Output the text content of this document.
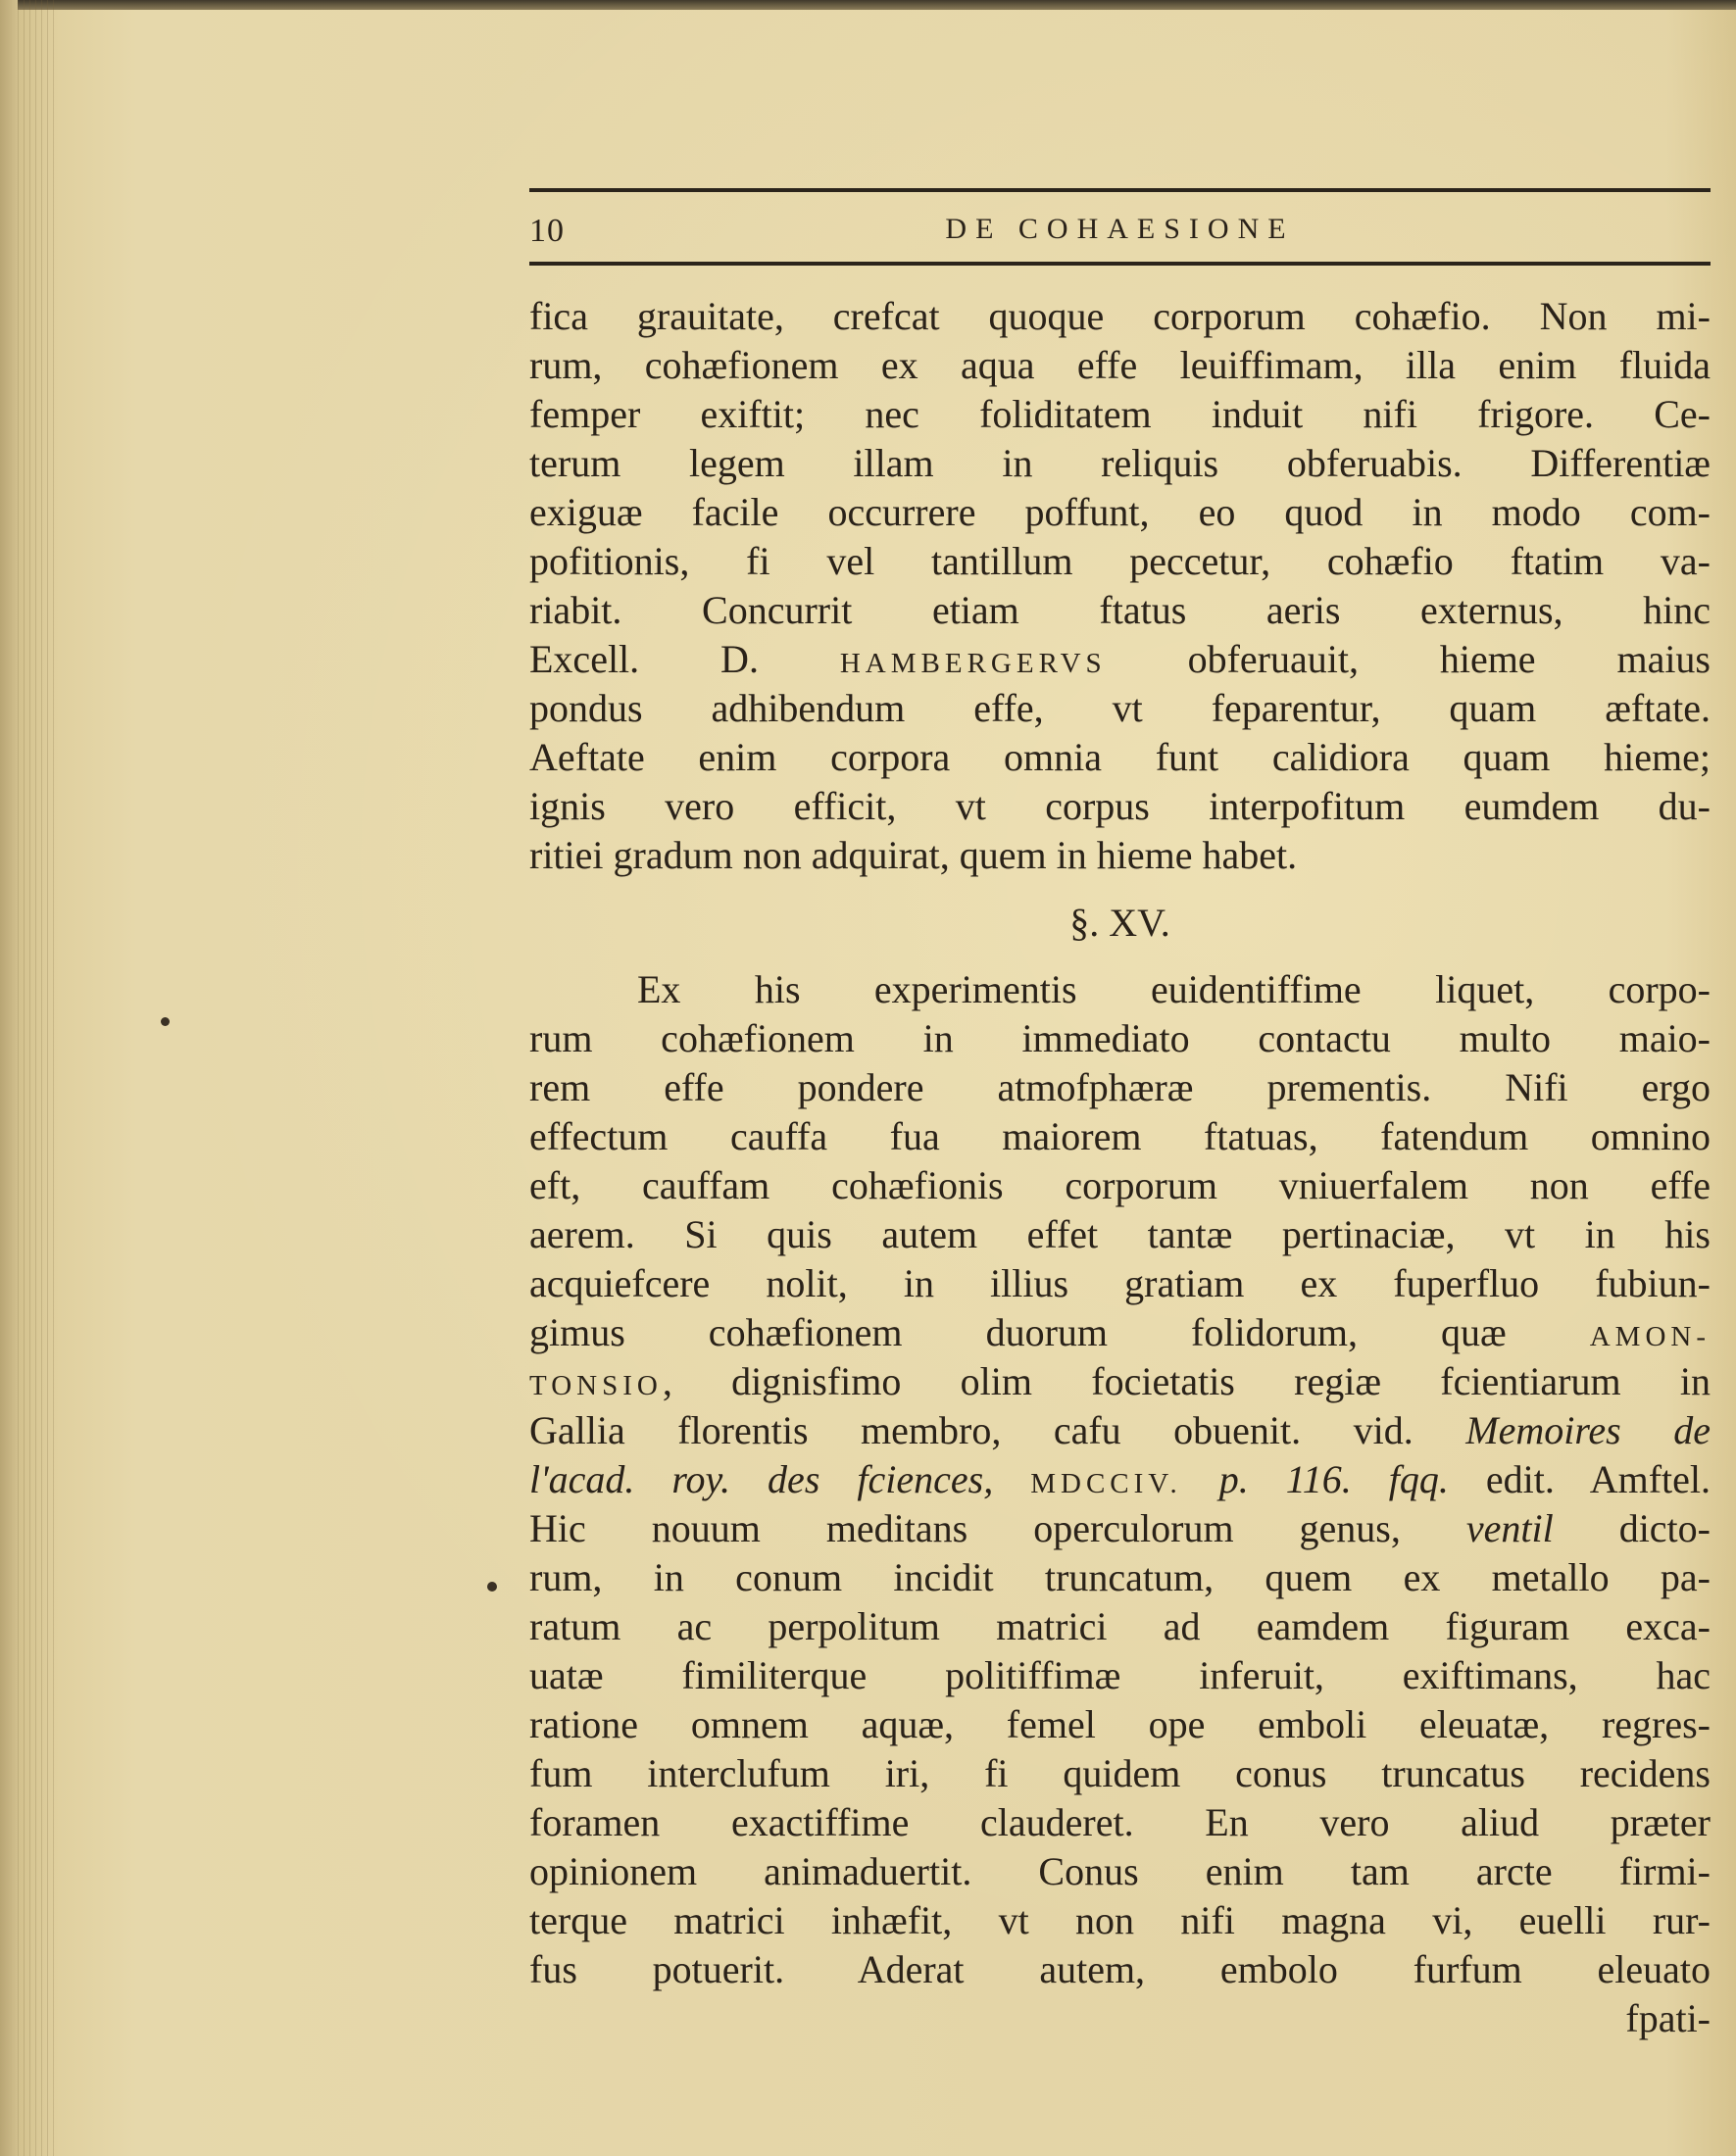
10	DE COHAESIONE
fica grauitate, crefcat quoque corporum cohæfio. Non mi-
rum, cohæfionem ex aqua effe leuiffimam, illa enim fluida
femper exiftit; nec foliditatem induit nifi frigore. Ce-
terum legem illam in reliquis obferuabis. Differentiæ
exiguæ facile occurrere poffunt, eo quod in modo com-
pofitionis, fi vel tantillum peccetur, cohæfio ftatim va-
riabit. Concurrit etiam ftatus aeris externus, hinc
Excell. D. HAMBERGERVS obferuauit, hieme maius
pondus adhibendum effe, vt feparentur, quam æftate.
Aeftate enim corpora omnia funt calidiora quam hieme;
ignis vero efficit, vt corpus interpofitum eumdem du-
ritiei gradum non adquirat, quem in hieme habet.
§. XV.
Ex his experimentis euidentiffime liquet, corpo-
rum cohæfionem in immediato contactu multo maio-
rem effe pondere atmofphæræ prementis. Nifi ergo
effectum cauffa fua maiorem ftatuas, fatendum omnino
eft, cauffam cohæfionis corporum vniuerfalem non effe
aerem. Si quis autem effet tantæ pertinaciæ, vt in his
acquiefcere nolit, in illius gratiam ex fuperfluo fubiun-
gimus cohæfionem duorum folidorum, quæ AMON-
TONSIO, dignisfimo olim focietatis regiæ fcientiarum in
Gallia florentis membro, cafu obuenit. vid. Memoires de
l'acad. roy. des fciences, MDCCIV. p. 116. fqq. edit. Amftel.
Hic nouum meditans operculorum genus, ventil dicto-
rum, in conum incidit truncatum, quem ex metallo pa-
ratum ac perpolitum matrici ad eamdem figuram exca-
uatæ fimiliterque politiffimæ inferuit, exiftimans, hac
ratione omnem aquæ, femel ope emboli eleuatæ, regres-
fum interclufum iri, fi quidem conus truncatus recidens
foramen exactiffime clauderet. En vero aliud præter
opinionem animaduertit. Conus enim tam arcte firmi-
terque matrici inhæfit, vt non nifi magna vi, euelli rur-
fus potuerit. Aderat autem, embolo furfum eleuato
fpati-
